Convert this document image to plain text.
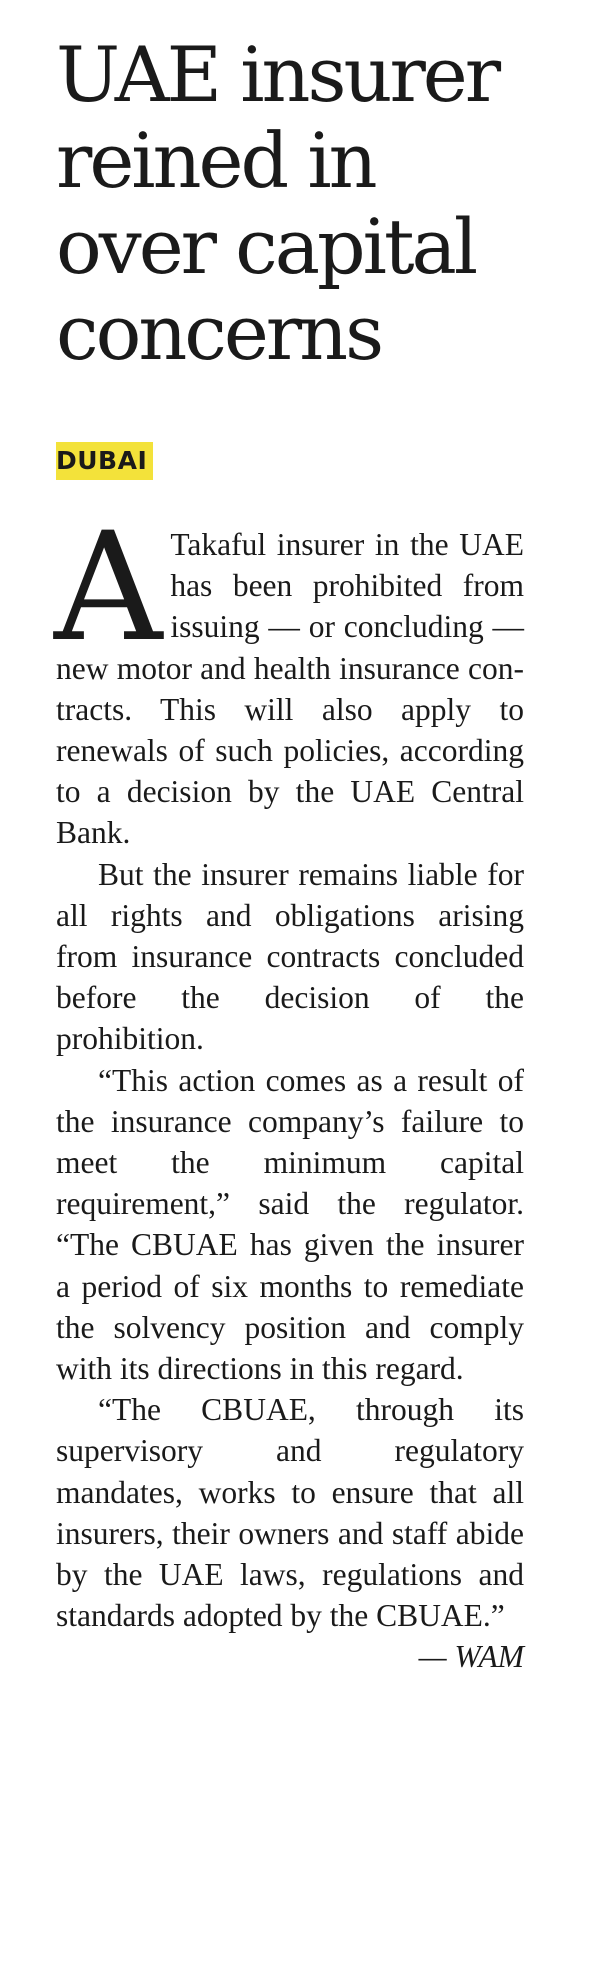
UAE insurer reined in over capital concerns
DUBAI

A Takaful insurer in the UAE has been prohibited from issuing — or concluding — new motor and health insurance contracts. This will also apply to renewals of such policies, according to a decision by the UAE Central Bank.

But the insurer remains liable for all rights and obligations arising from insurance contracts concluded before the decision of the prohibition.

“This action comes as a result of the insurance company’s failure to meet the minimum capital requirement,” said the regulator. “The CBUAE has given the insurer a period of six months to remediate the solvency position and comply with its directions in this regard.

“The CBUAE, through its supervisory and regulatory mandates, works to ensure that all insurers, their owners and staff abide by the UAE laws, regulations and standards adopted by the CBUAE.”

— WAM
